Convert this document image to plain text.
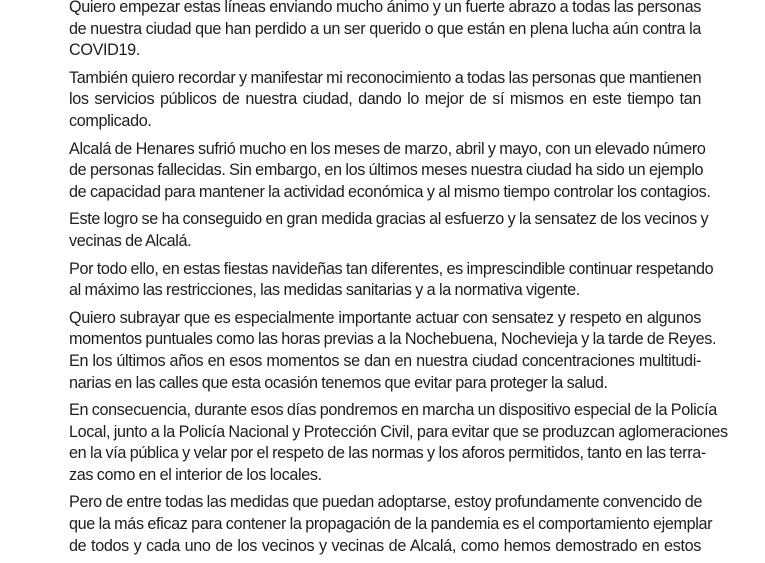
Quiero empezar estas líneas enviando mucho ánimo y un fuerte abrazo a todas las personas
de nuestra ciudad que han perdido a un ser querido o que están en plena lucha aún contra la
COVID19.

También quiero recordar y manifestar mi reconocimiento a todas las personas que mantienen
los servicios públicos de nuestra ciudad, dando lo mejor de sí mismos en este tiempo tan
complicado.

Alcalá de Henares sufrió mucho en los meses de marzo, abril y mayo, con un elevado número
de personas fallecidas. Sin embargo, en los últimos meses nuestra ciudad ha sido un ejemplo
de capacidad para mantener la actividad económica y al mismo tiempo controlar los contagios.

Este logro se ha conseguido en gran medida gracias al esfuerzo y la sensatez de los vecinos y
vecinas de Alcalá.

Por todo ello, en estas fiestas navideñas tan diferentes, es imprescindible continuar respetando
al máximo las restricciones, las medidas sanitarias y a la normativa vigente.

Quiero subrayar que es especialmente importante actuar con sensatez y respeto en algunos
momentos puntuales como las horas previas a la Nochebuena, Nochevieja y la tarde de Reyes.
En los últimos años en esos momentos se dan en nuestra ciudad concentraciones multitudi-
narias en las calles que esta ocasión tenemos que evitar para proteger la salud.

En consecuencia, durante esos días pondremos en marcha un dispositivo especial de la Policía
Local, junto a la Policía Nacional y Protección Civil, para evitar que se produzcan aglomeraciones
en la vía pública y velar por el respeto de las normas y los aforos permitidos, tanto en las terra-
zas como en el interior de los locales.

Pero de entre todas las medidas que puedan adoptarse, estoy profundamente convencido de
que la más eficaz para contener la propagación de la pandemia es el comportamiento ejemplar
de todos y cada uno de los vecinos y vecinas de Alcalá, como hemos demostrado en estos
